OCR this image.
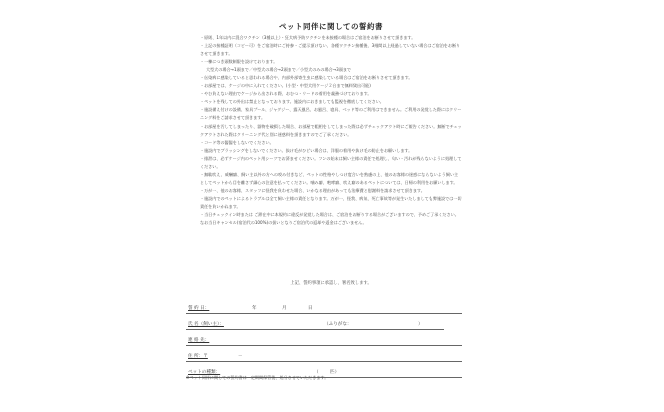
ペット同伴に関しての誓約書

・原則、1年以内に混合ワクチン（3種以上）・狂犬病予防ワクチンを未接種の場合はご宿泊をお断りさせて頂きます。

・上記の接種証明（コピー可）をご宿泊時にご持参・ご提示頂けない、各種ワクチン接種後、3週間以上経過していない場合はご宿泊をお断りさせて頂きます。

・一棟につき頭数制限を設けております。

大型犬の場合→1頭まで／中型犬の場合→2頭まで／小型犬のみの場合→3頭まで

・伝染病に感染していると思われる場合や、内部外部寄生虫に感染している場合はご宿泊をお断りさせて頂きます。

・お部屋では、ケージの中に入れてください。(小型・中型犬用ケージ２台まで無料貸出可能)

・やむ負えない理由でケージから出される際、おむつ・リードの着用を義務づけております。

・ペットを残しての外出は禁止となっております。施設内におきましても監視を徹底してください。

・施設備え付けの設備、家具プール、ジャグジー、露天風呂、お風呂、寝具、ベッド等のご利用はできません。ご利用の発覚した際にはクリーニング料をご請求させて頂きます。

・お部屋を汚してしまったり、器物を破損した場合、お部屋で粗相をしてしまった際は必ずチェックアウト時にご報告ください。無断でチェックアウトされた際はクリーニング代と別に迷惑料を頂きますのでご了承ください。

・コード等の齧齧をしないでください。

・施設内でブラッシングをしないでください。抜け毛がひどい場合は、洋服の着用や抜け毛の防止をお願いします。

・排泄は、必ずケージ内のペット用シーツでお済ませください。フンの始末は飼い主様の責任で処理し、匂い・汚れが残らないように処理してください。

・無駄吠え、威嚇癖、飼い主以外の方への咬み付きなど、ペットの性格やしつけ度合いを熟慮の上、他のお客様の迷惑にならないよう飼い主としてペットから目を離さず細心の注意を払ってください。噛み癖、咆哮癖、吠え癖のあるペットについては、日帰の利用をお願いします。

・万が一、他のお客様、スタッフに怪我を負わせた場合、いかなる理由があっても治療費と慰謝料を請求させて頂きます。

・施設内でのペットによるトラブルは全て飼い主様の責任となります。万が一、怪我、病気、死亡事故等が発生いたしましても弊施設では一切責任を負いかねます。

・当日チェックイン時または ご滞在中に本規約に違反が発覚した場合は、ご宿泊をお断りする場合がございますので、予めご了承ください。なお当日キャンセル(宿泊代の100%)の扱いとなりご宿泊代の返却や返金はございません。

上記、誓約事項に承認し、署名致します。
誓 約 日：	年	月	日
氏 名（飼い主）：	（ふりがな：	）
連 絡 先：
住 所：〒	－
ペットの種類：	（ 匹）
※ペット同伴に関しての誓約書は一定期間保管後、処分させていただきます。
